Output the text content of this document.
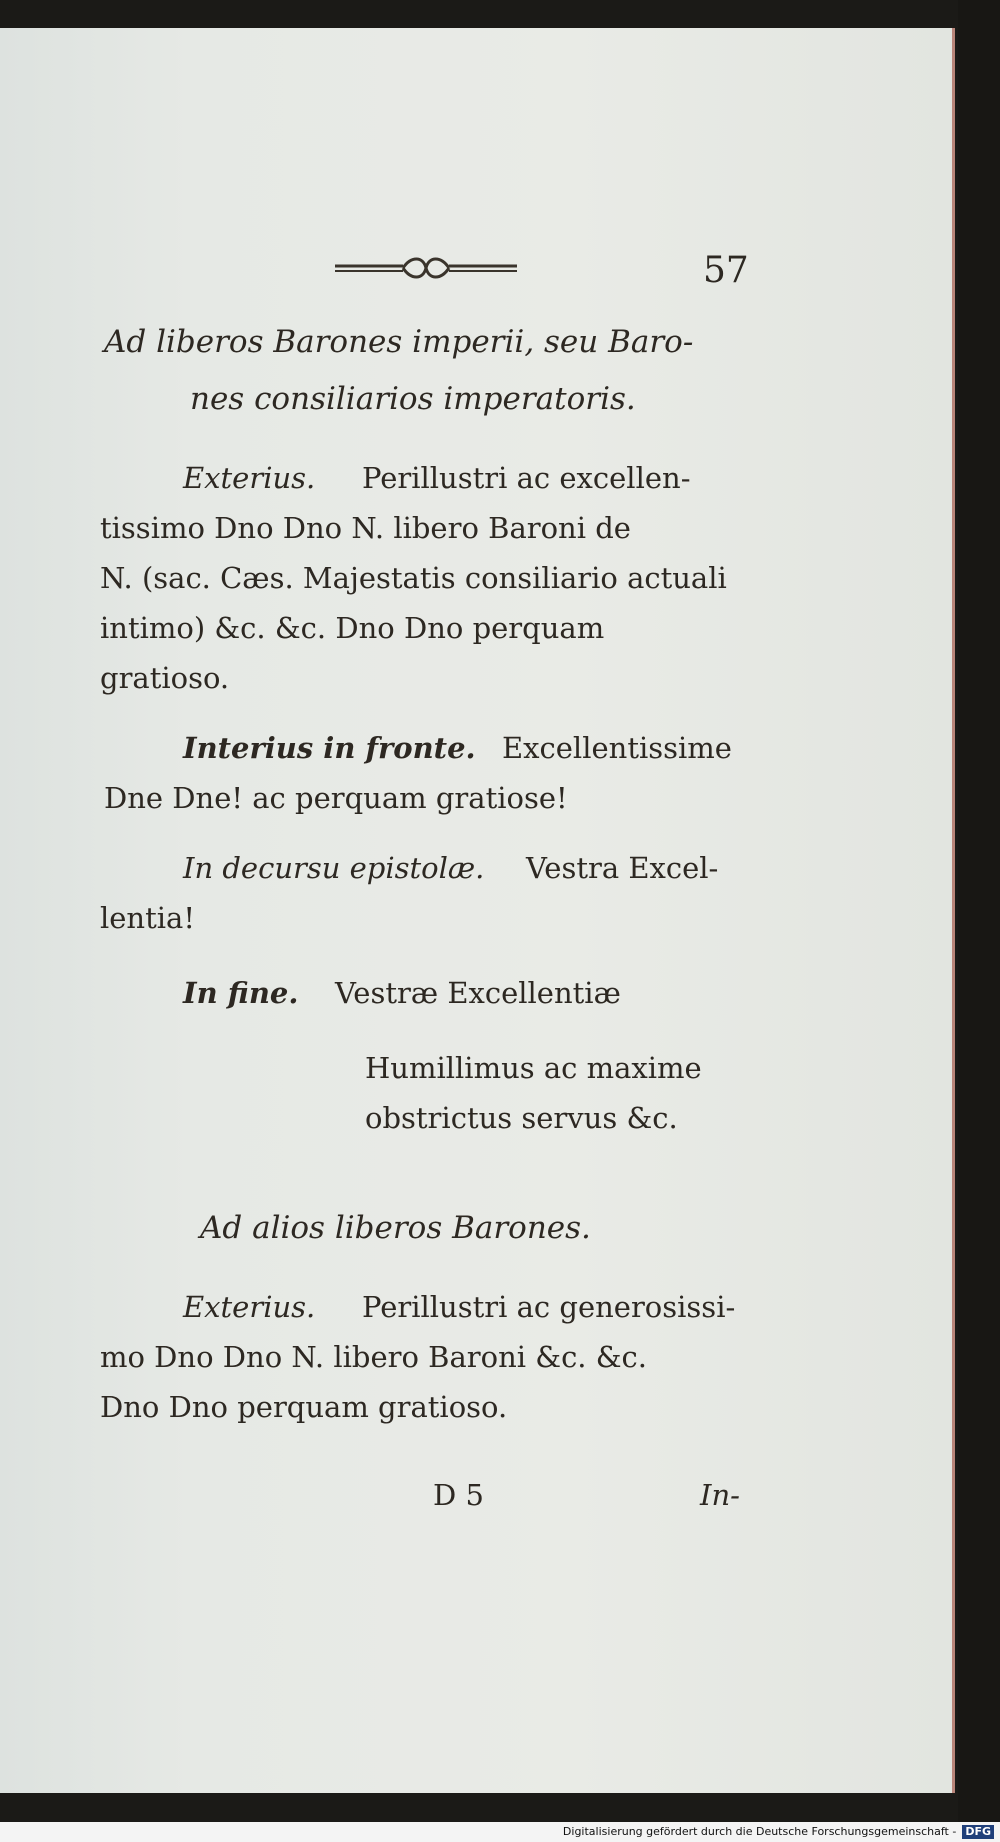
57
Ad liberos Barones imperii, seu Baro-
nes consiliarios imperatoris.
Exterius. Perillustri ac excellen-
tissimo Dno Dno N. libero Baroni de
N. (sac. Cæs. Majestatis consiliario actuali
intimo) &c. &c. Dno Dno perquam
gratioso.
Interius in fronte. Excellentissime
Dne Dne! ac perquam gratiose!
In decursu epistolæ. Vestra Excel-
lentia!
In fine. Vestræ Excellentiæ
Humillimus ac maxime
obstrictus servus &c.
Ad alios liberos Barones.
Exterius. Perillustri ac generosissi-
mo Dno Dno N. libero Baroni &c. &c.
Dno Dno perquam gratioso.
D 5	In-
Digitalisierung gefördert durch die Deutsche Forschungsgemeinschaft - DFG
